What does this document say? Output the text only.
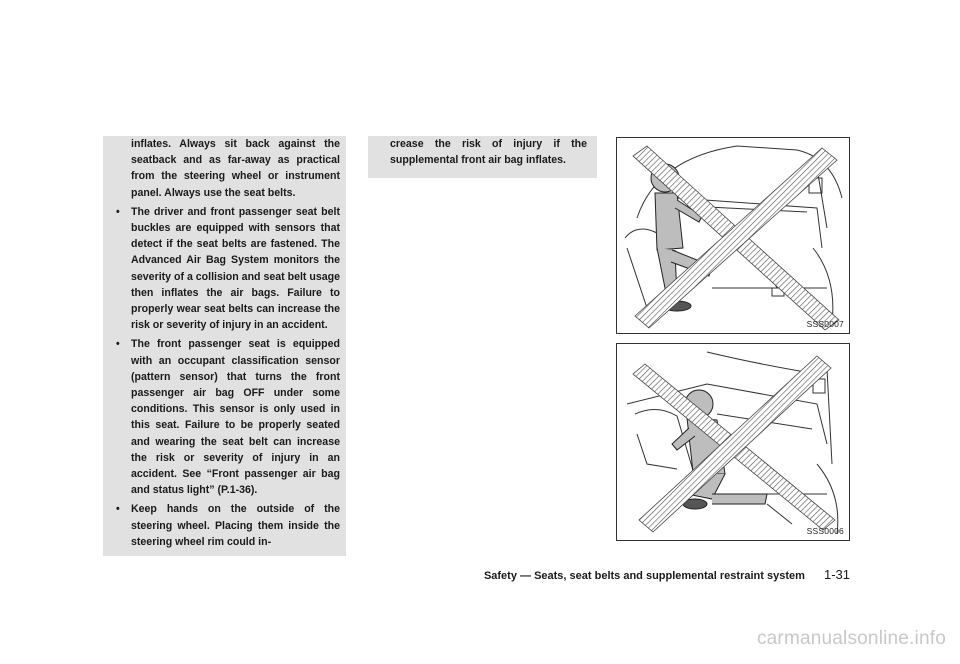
inflates. Always sit back against the seatback and as far-away as practical from the steering wheel or instrument panel. Always use the seat belts.
• The driver and front passenger seat belt buckles are equipped with sensors that detect if the seat belts are fastened. The Advanced Air Bag System monitors the severity of a collision and seat belt usage then inflates the air bags. Failure to properly wear seat belts can increase the risk or severity of injury in an accident.
• The front passenger seat is equipped with an occupant classification sensor (pattern sensor) that turns the front passenger air bag OFF under some conditions. This sensor is only used in this seat. Failure to be properly seated and wearing the seat belt can increase the risk or severity of injury in an accident. See “Front passenger air bag and status light” (P.1-36).
• Keep hands on the outside of the steering wheel. Placing them inside the steering wheel rim could in-
crease the risk of injury if the supplemental front air bag inflates.
SSS0007
SSS0006
Safety — Seats, seat belts and supplemental restraint system 1-31
carmanualsonline.info
